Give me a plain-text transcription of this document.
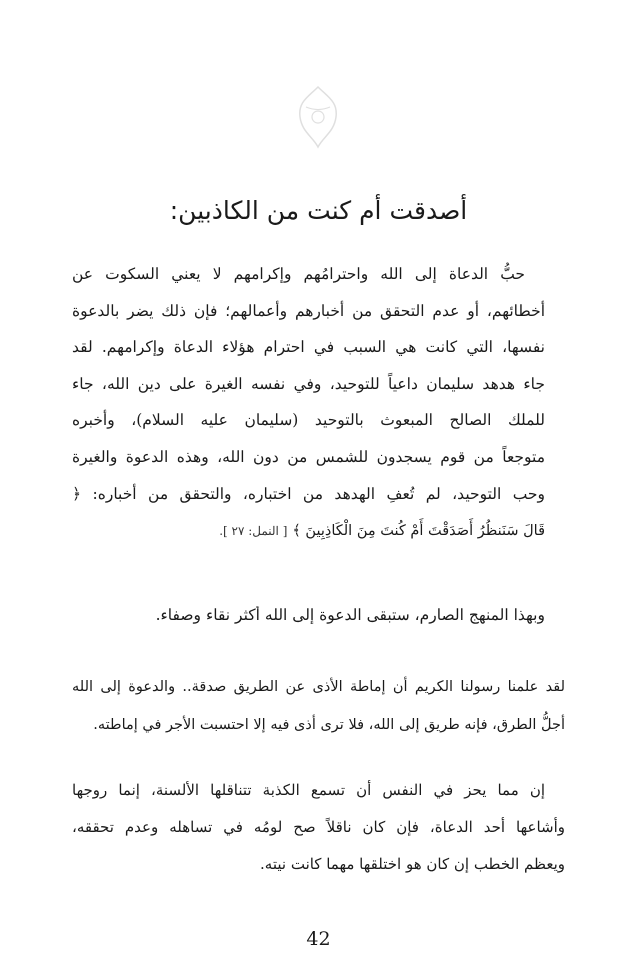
أصدقت أم كنت من الكاذبين:
حبُّ الدعاة إلى الله واحترامُهم وإكرامهم لا يعني السكوت عن
أخطائهم، أو عدم التحقق من أخبارهم وأعمالهم؛ فإن ذلك يضر بالدعوة
نفسها، التي كانت هي السبب في احترام هؤلاء الدعاة وإكرامهم. لقد
جاء هدهد سليمان داعياً للتوحيد، وفي نفسه الغيرة على دين الله، جاء
للملك الصالح المبعوث بالتوحيد (سليمان عليه السلام)، وأخبره
متوجعاً من قوم يسجدون للشمس من دون الله، وهذه الدعوة والغيرة
وحب التوحيد، لم تُعفِ الهدهد من اختباره، والتحقق من أخباره: ﴿
قَالَ سَنَنظُرُ أَصَدَقْتَ أَمْ كُنتَ مِنَ الْكَاذِبِينَ ﴾ [ النمل: ٢٧ ].
وبهذا المنهج الصارم، ستبقى الدعوة إلى الله أكثر نقاء وصفاء.
لقد علمنا رسولنا الكريم أن إماطة الأذى عن الطريق صدقة.. والدعوة إلى الله
أجلُّ الطرق، فإنه طريق إلى الله، فلا ترى أذى فيه إلا احتسبت الأجر في إماطته.
إن مما يحز في النفس أن تسمع الكذبة تتناقلها الألسنة، إنما روجها
وأشاعها أحد الدعاة، فإن كان ناقلاً صح لومُه في تساهله وعدم تحققه،
ويعظم الخطب إن كان هو اختلقها مهما كانت نيته.
42
